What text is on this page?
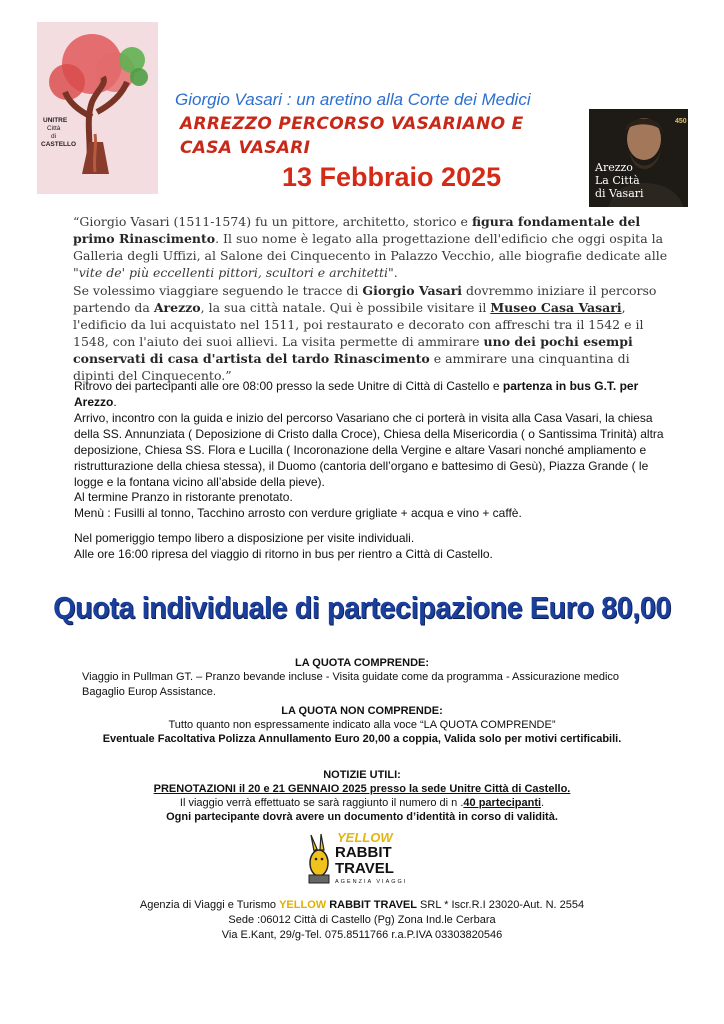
UNITRE
Città
di
CASTELLO
Giorgio Vasari : un aretino alla Corte dei Medici
ARREZZO PERCORSO VASARIANO E
CASA VASARI
13 Febbraio 2025
450
Arezzo
La Città
di Vasari
“Giorgio Vasari (1511-1574) fu un pittore, architetto, storico e figura fondamentale del primo Rinascimento. Il suo nome è legato alla progettazione dell'edificio che oggi ospita la Galleria degli Uffizi, al Salone dei Cinquecento in Palazzo Vecchio, alle biografie dedicate alle "vite de' più eccellenti pittori, scultori e architetti".
Se volessimo viaggiare seguendo le tracce di Giorgio Vasari dovremmo iniziare il percorso partendo da Arezzo, la sua città natale. Qui è possibile visitare il Museo Casa Vasari, l'edificio da lui acquistato nel 1511, poi restaurato e decorato con affreschi tra il 1542 e il 1548, con l'aiuto dei suoi allievi. La visita permette di ammirare uno dei pochi esempi conservati di casa d'artista del tardo Rinascimento e ammirare una cinquantina di dipinti del Cinquecento.”
Ritrovo dei partecipanti alle ore 08:00 presso la sede Unitre di Città di Castello e partenza in bus G.T. per Arezzo.
Arrivo, incontro con la guida e inizio del percorso Vasariano che ci porterà in visita alla Casa Vasari, la chiesa della SS. Annunziata ( Deposizione di Cristo dalla Croce), Chiesa della Misericordia ( o Santissima Trinità) altra deposizione, Chiesa SS. Flora e Lucilla ( Incoronazione della Vergine e altare Vasari nonché ampliamento e ristrutturazione della chiesa stessa), il Duomo (cantoria dell’organo e battesimo di Gesù), Piazza Grande ( le logge e la fontana vicino all’abside della pieve).
Al termine Pranzo in ristorante prenotato.
Menù : Fusilli al tonno, Tacchino arrosto con verdure grigliate + acqua e vino + caffè.
Nel pomeriggio tempo libero a disposizione per visite individuali.
Alle ore 16:00 ripresa del viaggio di ritorno in bus per rientro a Città di Castello.
Quota individuale di partecipazione Euro 80,00
LA QUOTA COMPRENDE:
Viaggio in Pullman GT. – Pranzo bevande incluse - Visita guidate come da programma - Assicurazione medico Bagaglio Europ Assistance.
LA QUOTA NON COMPRENDE:
Tutto quanto non espressamente indicato alla voce “LA QUOTA COMPRENDE”
Eventuale Facoltativa Polizza Annullamento Euro 20,00 a coppia, Valida solo per motivi certificabili.
NOTIZIE UTILI:
PRENOTAZIONI il 20 e 21 GENNAIO 2025 presso la sede Unitre Città di Castello.
Il viaggio verrà effettuato se sarà raggiunto il numero di n .40 partecipanti.
Ogni partecipante dovrà avere un documento d’identità in corso di validità.
YELLOW
RABBIT
TRAVEL
AGENZIA VIAGGI
Agenzia di Viaggi e Turismo YELLOW RABBIT TRAVEL SRL * Iscr.R.I 23020-Aut. N. 2554
Sede :06012 Città di Castello (Pg) Zona Ind.le Cerbara
Via E.Kant, 29/g-Tel. 075.8511766 r.a.P.IVA 03303820546
